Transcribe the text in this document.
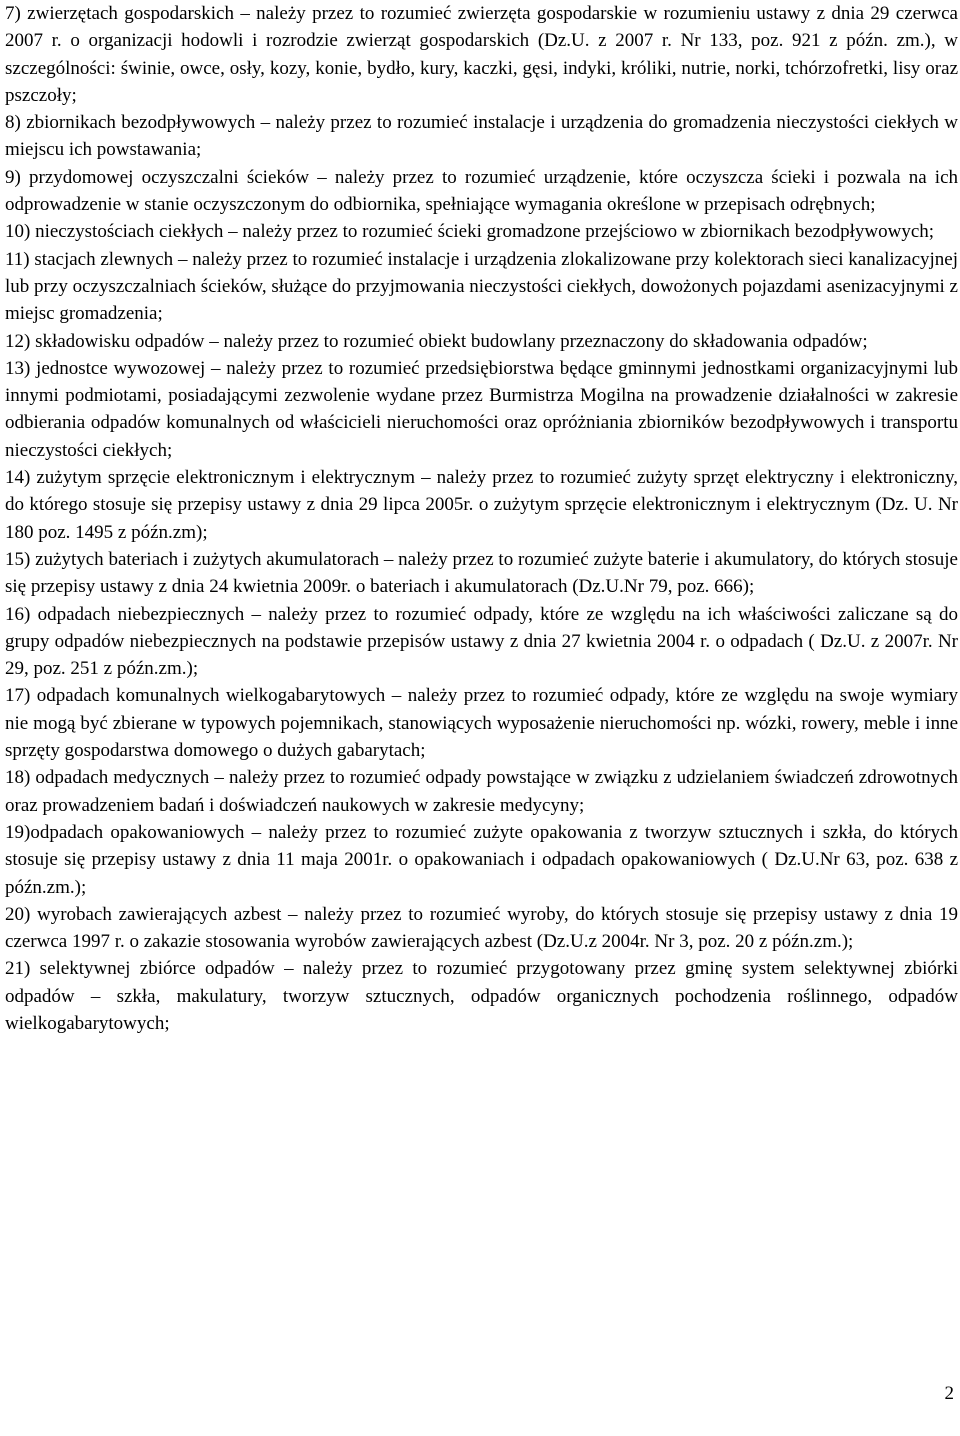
7) zwierzętach gospodarskich – należy przez to rozumieć zwierzęta gospodarskie w rozumieniu ustawy z dnia 29 czerwca 2007 r. o organizacji hodowli i rozrodzie zwierząt gospodarskich (Dz.U. z 2007 r. Nr 133, poz. 921 z późn. zm.), w szczególności: świnie, owce, osły, kozy, konie, bydło, kury, kaczki, gęsi, indyki, króliki, nutrie, norki, tchórzofretki, lisy oraz pszczoły;

8) zbiornikach bezodpływowych – należy przez to rozumieć instalacje i urządzenia do gromadzenia nieczystości ciekłych w miejscu ich powstawania;

9) przydomowej oczyszczalni ścieków – należy przez to rozumieć urządzenie, które oczyszcza ścieki i pozwala na ich odprowadzenie w stanie oczyszczonym do odbiornika, spełniające wymagania określone w przepisach odrębnych;

10) nieczystościach ciekłych – należy przez to rozumieć ścieki gromadzone przejściowo w zbiornikach bezodpływowych;

11) stacjach zlewnych – należy przez to rozumieć instalacje i urządzenia zlokalizowane przy kolektorach sieci kanalizacyjnej lub przy oczyszczalniach ścieków, służące do przyjmowania nieczystości ciekłych, dowożonych pojazdami asenizacyjnymi z miejsc gromadzenia;

12) składowisku odpadów – należy przez to rozumieć obiekt budowlany przeznaczony do składowania odpadów;

13) jednostce wywozowej – należy przez to rozumieć przedsiębiorstwa będące gminnymi jednostkami organizacyjnymi lub innymi podmiotami, posiadającymi zezwolenie wydane przez Burmistrza Mogilna na prowadzenie działalności w zakresie odbierania odpadów komunalnych od właścicieli nieruchomości oraz opróżniania zbiorników bezodpływowych i transportu nieczystości ciekłych;

14) zużytym sprzęcie elektronicznym i elektrycznym – należy przez to rozumieć zużyty sprzęt elektryczny i elektroniczny, do którego stosuje się przepisy ustawy z dnia 29 lipca 2005r. o zużytym sprzęcie elektronicznym i elektrycznym (Dz. U. Nr 180 poz. 1495 z późn.zm);

15) zużytych bateriach i zużytych akumulatorach – należy przez to rozumieć zużyte baterie i akumulatory, do których stosuje się przepisy ustawy z dnia 24 kwietnia 2009r. o bateriach i akumulatorach (Dz.U.Nr 79, poz. 666);

16) odpadach niebezpiecznych – należy przez to rozumieć odpady, które ze względu na ich właściwości zaliczane są do grupy odpadów niebezpiecznych na podstawie przepisów ustawy z dnia 27 kwietnia 2004 r. o odpadach ( Dz.U. z 2007r. Nr 29, poz. 251 z późn.zm.);

17) odpadach komunalnych wielkogabarytowych – należy przez to rozumieć odpady, które ze względu na swoje wymiary nie mogą być zbierane w typowych pojemnikach, stanowiących wyposażenie nieruchomości np. wózki, rowery, meble i inne sprzęty gospodarstwa domowego o dużych gabarytach;

18) odpadach medycznych – należy przez to rozumieć odpady powstające w związku z udzielaniem świadczeń zdrowotnych oraz prowadzeniem badań i doświadczeń naukowych w zakresie medycyny;

19)odpadach opakowaniowych – należy przez to rozumieć zużyte opakowania z tworzyw sztucznych i szkła, do których stosuje się przepisy ustawy z dnia 11 maja 2001r. o opakowaniach i odpadach opakowaniowych ( Dz.U.Nr 63, poz. 638 z późn.zm.);

20) wyrobach zawierających azbest – należy przez to rozumieć wyroby, do których stosuje się przepisy ustawy z dnia 19 czerwca 1997 r. o zakazie stosowania wyrobów zawierających azbest (Dz.U.z 2004r. Nr 3, poz. 20 z późn.zm.);

21) selektywnej zbiórce odpadów – należy przez to rozumieć przygotowany przez gminę system selektywnej zbiórki odpadów – szkła, makulatury, tworzyw sztucznych, odpadów organicznych pochodzenia roślinnego, odpadów wielkogabarytowych;

2
